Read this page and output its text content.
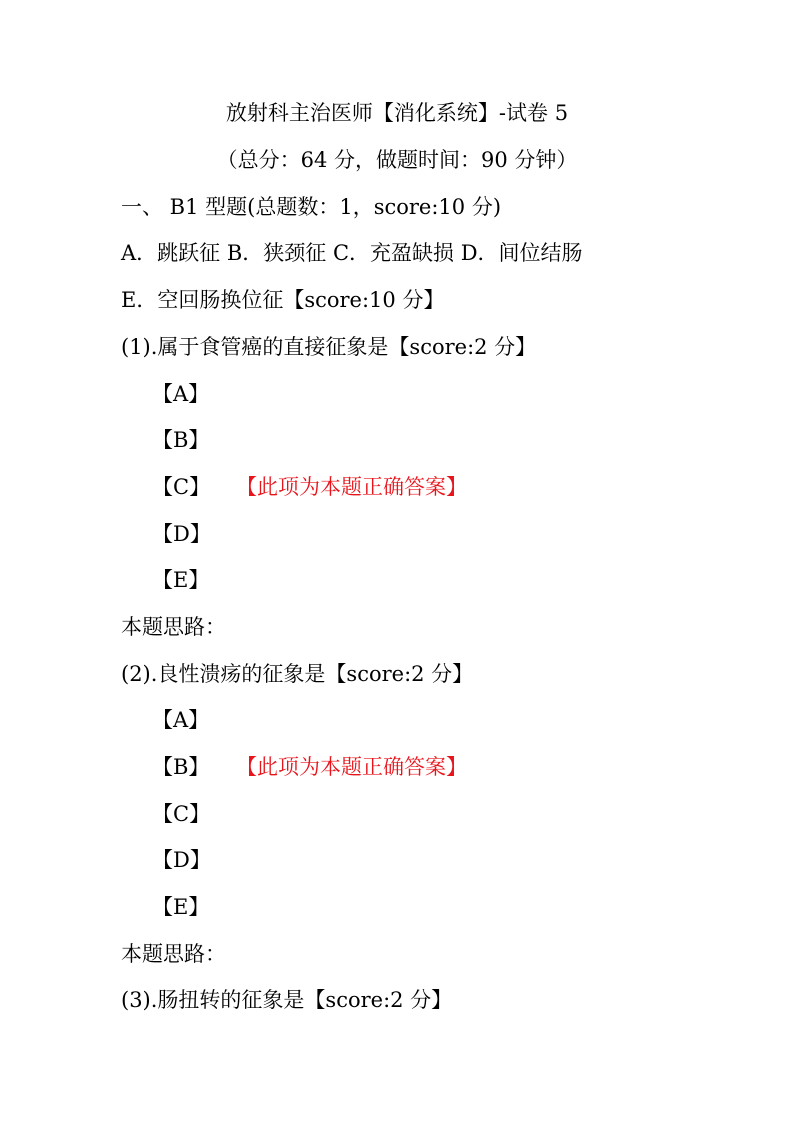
放射科主治医师【消化系统】-试卷 5
（总分：64 分，做题时间：90 分钟）
一、 B1 型题(总题数：1，score:10 分)
A．跳跃征 B．狭颈征 C．充盈缺损 D．间位结肠
E．空回肠换位征【score:10 分】
(1).属于食管癌的直接征象是【score:2 分】
【A】
【B】
【C】 【此项为本题正确答案】
【D】
【E】
本题思路：
(2).良性溃疡的征象是【score:2 分】
【A】
【B】 【此项为本题正确答案】
【C】
【D】
【E】
本题思路：
(3).肠扭转的征象是【score:2 分】
